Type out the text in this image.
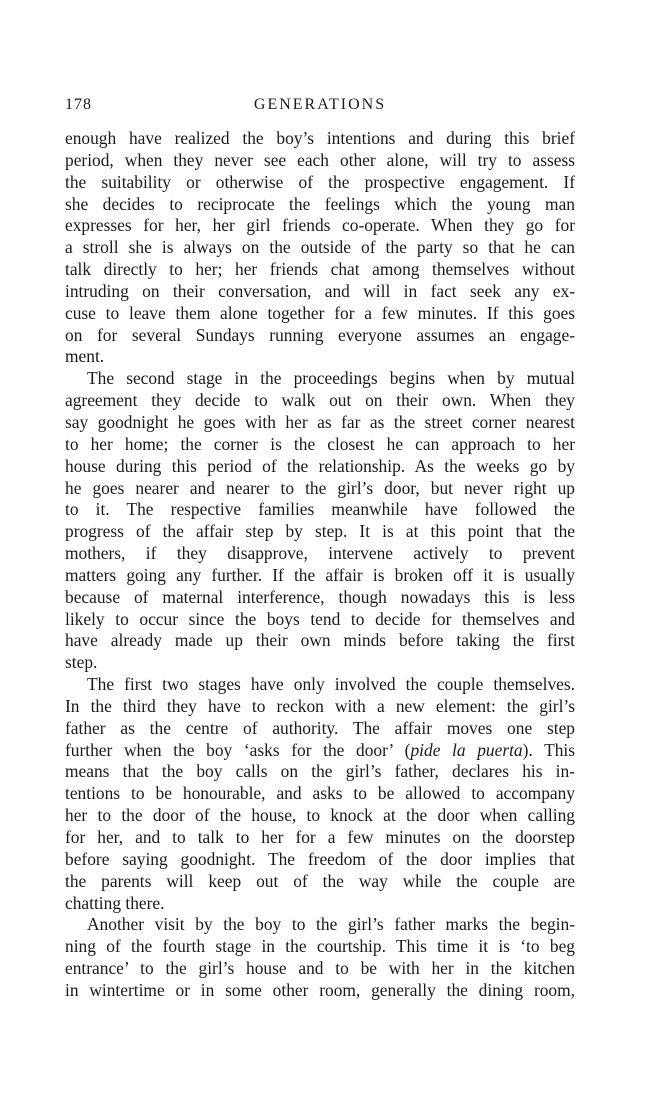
178	GENERATIONS
enough have realized the boy’s intentions and during this brief
period, when they never see each other alone, will try to assess
the suitability or otherwise of the prospective engagement. If
she decides to reciprocate the feelings which the young man
expresses for her, her girl friends co-operate. When they go for
a stroll she is always on the outside of the party so that he can
talk directly to her; her friends chat among themselves without
intruding on their conversation, and will in fact seek any ex-
cuse to leave them alone together for a few minutes. If this goes
on for several Sundays running everyone assumes an engage-
ment.
The second stage in the proceedings begins when by mutual
agreement they decide to walk out on their own. When they
say goodnight he goes with her as far as the street corner nearest
to her home; the corner is the closest he can approach to her
house during this period of the relationship. As the weeks go by
he goes nearer and nearer to the girl’s door, but never right up
to it. The respective families meanwhile have followed the
progress of the affair step by step. It is at this point that the
mothers, if they disapprove, intervene actively to prevent
matters going any further. If the affair is broken off it is usually
because of maternal interference, though nowadays this is less
likely to occur since the boys tend to decide for themselves and
have already made up their own minds before taking the first
step.
The first two stages have only involved the couple themselves.
In the third they have to reckon with a new element: the girl’s
father as the centre of authority. The affair moves one step
further when the boy ‘asks for the door’ (pide la puerta). This
means that the boy calls on the girl’s father, declares his in-
tentions to be honourable, and asks to be allowed to accompany
her to the door of the house, to knock at the door when calling
for her, and to talk to her for a few minutes on the doorstep
before saying goodnight. The freedom of the door implies that
the parents will keep out of the way while the couple are
chatting there.
Another visit by the boy to the girl’s father marks the begin-
ning of the fourth stage in the courtship. This time it is ‘to beg
entrance’ to the girl’s house and to be with her in the kitchen
in wintertime or in some other room, generally the dining room,
